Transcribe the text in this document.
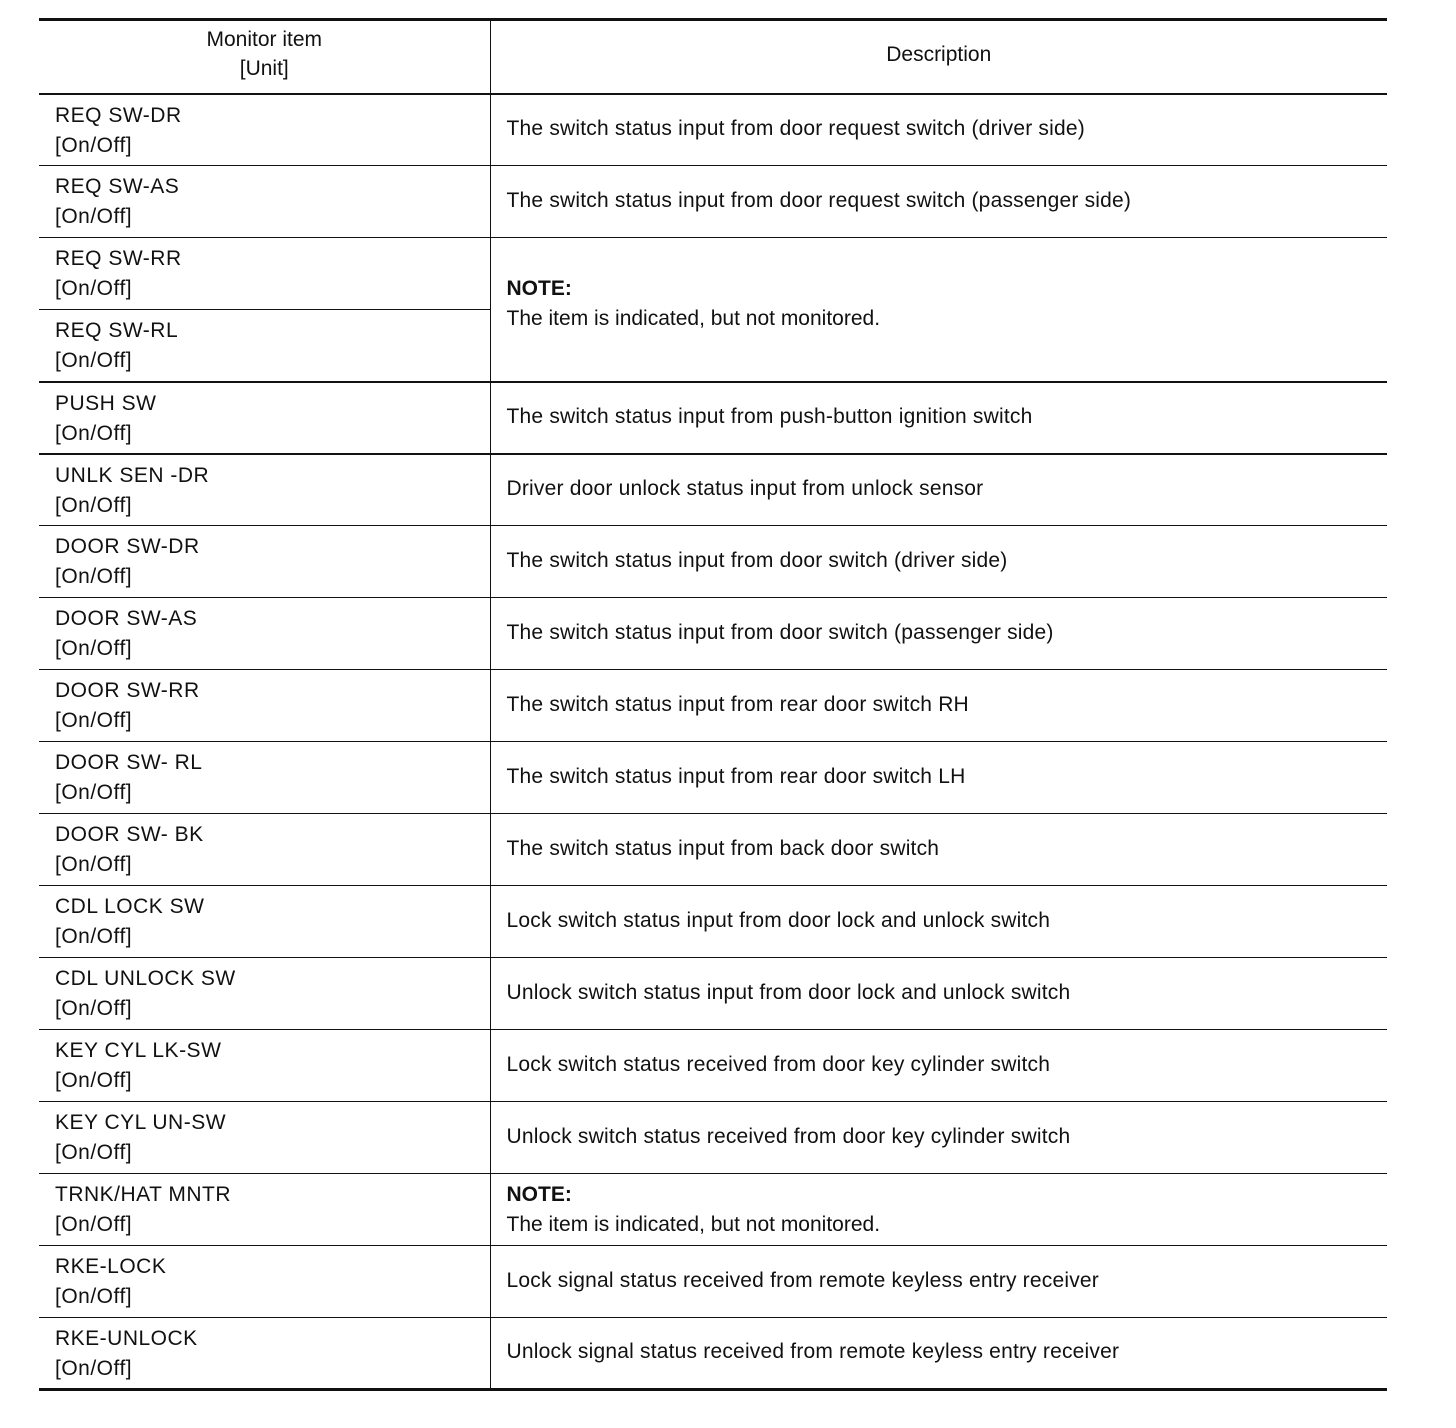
Monitor item
[Unit]	Description

REQ SW-DR
[On/Off]	The switch status input from door request switch (driver side)

REQ SW-AS
[On/Off]	The switch status input from door request switch (passenger side)

REQ SW-RR
[On/Off]	NOTE:
The item is indicated, but not monitored.

REQ SW-RL
[On/Off]	

PUSH SW
[On/Off]	The switch status input from push-button ignition switch

UNLK SEN -DR
[On/Off]	Driver door unlock status input from unlock sensor

DOOR SW-DR
[On/Off]	The switch status input from door switch (driver side)

DOOR SW-AS
[On/Off]	The switch status input from door switch (passenger side)

DOOR SW-RR
[On/Off]	The switch status input from rear door switch RH

DOOR SW- RL
[On/Off]	The switch status input from rear door switch LH

DOOR SW- BK
[On/Off]	The switch status input from back door switch

CDL LOCK SW
[On/Off]	Lock switch status input from door lock and unlock switch

CDL UNLOCK SW
[On/Off]	Unlock switch status input from door lock and unlock switch

KEY CYL LK-SW
[On/Off]	Lock switch status received from door key cylinder switch

KEY CYL UN-SW
[On/Off]	Unlock switch status received from door key cylinder switch

TRNK/HAT MNTR
[On/Off]	NOTE:
The item is indicated, but not monitored.

RKE-LOCK
[On/Off]	Lock signal status received from remote keyless entry receiver

RKE-UNLOCK
[On/Off]	Unlock signal status received from remote keyless entry receiver
